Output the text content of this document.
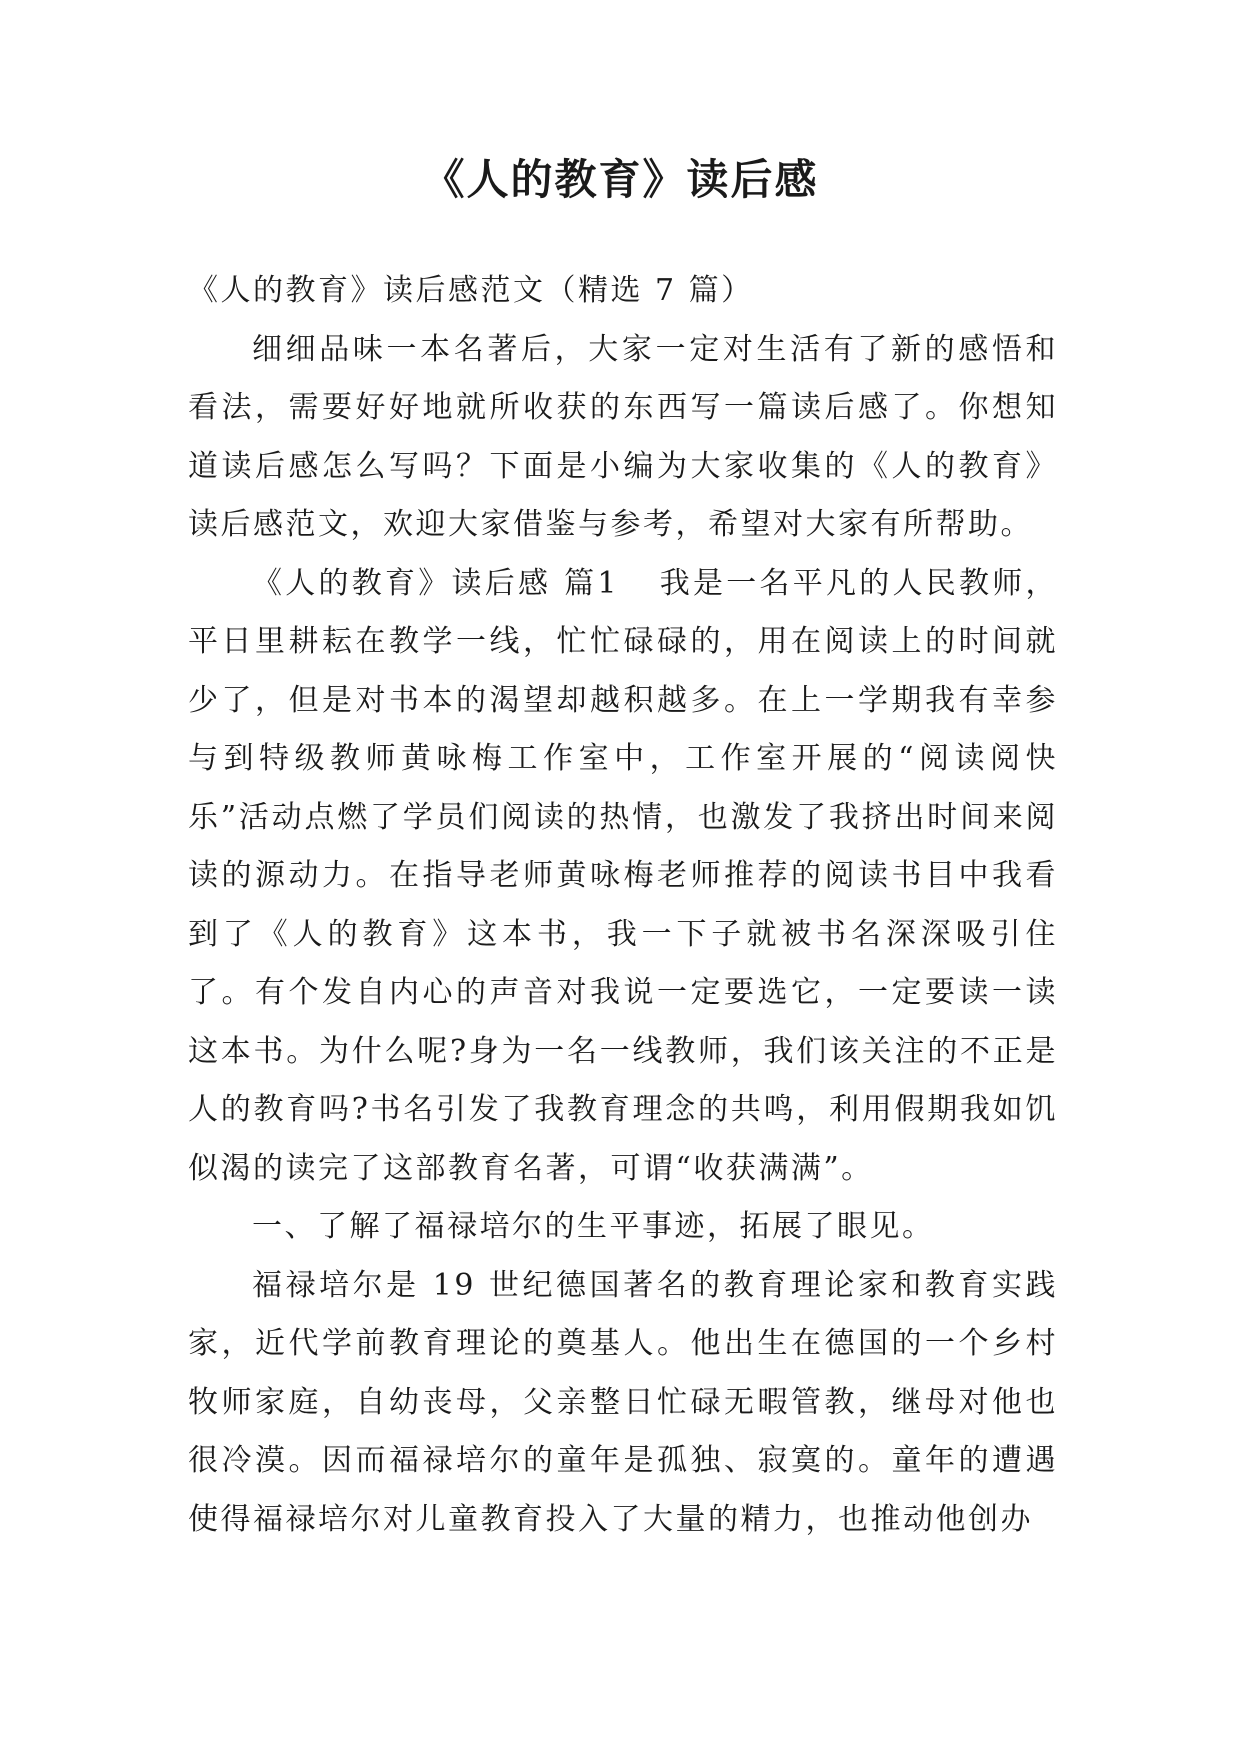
《人的教育》读后感

《人的教育》读后感范文（精选 7 篇）

细细品味一本名著后，大家一定对生活有了新的感悟和看法，需要好好地就所收获的东西写一篇读后感了。你想知道读后感怎么写吗？下面是小编为大家收集的《人的教育》读后感范文，欢迎大家借鉴与参考，希望对大家有所帮助。

《人的教育》读后感 篇1 我是一名平凡的人民教师，平日里耕耘在教学一线，忙忙碌碌的，用在阅读上的时间就少了，但是对书本的渴望却越积越多。在上一学期我有幸参与到特级教师黄咏梅工作室中，工作室开展的“阅读阅快乐”活动点燃了学员们阅读的热情，也激发了我挤出时间来阅读的源动力。在指导老师黄咏梅老师推荐的阅读书目中我看到了《人的教育》这本书，我一下子就被书名深深吸引住了。有个发自内心的声音对我说一定要选它，一定要读一读这本书。为什么呢?身为一名一线教师，我们该关注的不正是人的教育吗?书名引发了我教育理念的共鸣，利用假期我如饥似渴的读完了这部教育名著，可谓“收获满满”。

一、了解了福禄培尔的生平事迹，拓展了眼见。

福禄培尔是 19 世纪德国著名的教育理论家和教育实践家，近代学前教育理论的奠基人。他出生在德国的一个乡村牧师家庭，自幼丧母，父亲整日忙碌无暇管教，继母对他也很冷漠。因而福禄培尔的童年是孤独、寂寞的。童年的遭遇使得福禄培尔对儿童教育投入了大量的精力，也推动他创办
